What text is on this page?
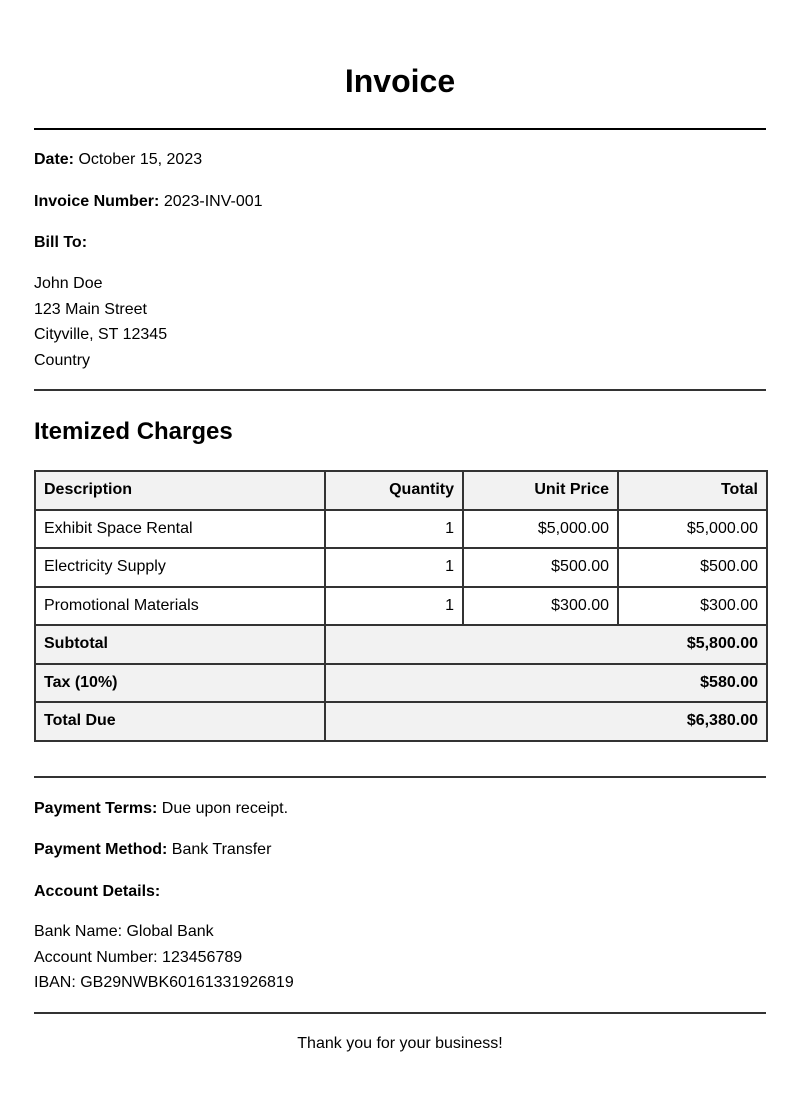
Invoice
Date: October 15, 2023
Invoice Number: 2023-INV-001
Bill To:
John Doe
123 Main Street
Cityville, ST 12345
Country
Itemized Charges
Description	Quantity	Unit Price	Total
Exhibit Space Rental	1	$5,000.00	$5,000.00
Electricity Supply	1	$500.00	$500.00
Promotional Materials	1	$300.00	$300.00
Subtotal	$5,800.00		
Tax (10%)	$580.00		
Total Due	$6,380.00		
Payment Terms: Due upon receipt.
Payment Method: Bank Transfer
Account Details:
Bank Name: Global Bank
Account Number: 123456789
IBAN: GB29NWBK60161331926819
Thank you for your business!
